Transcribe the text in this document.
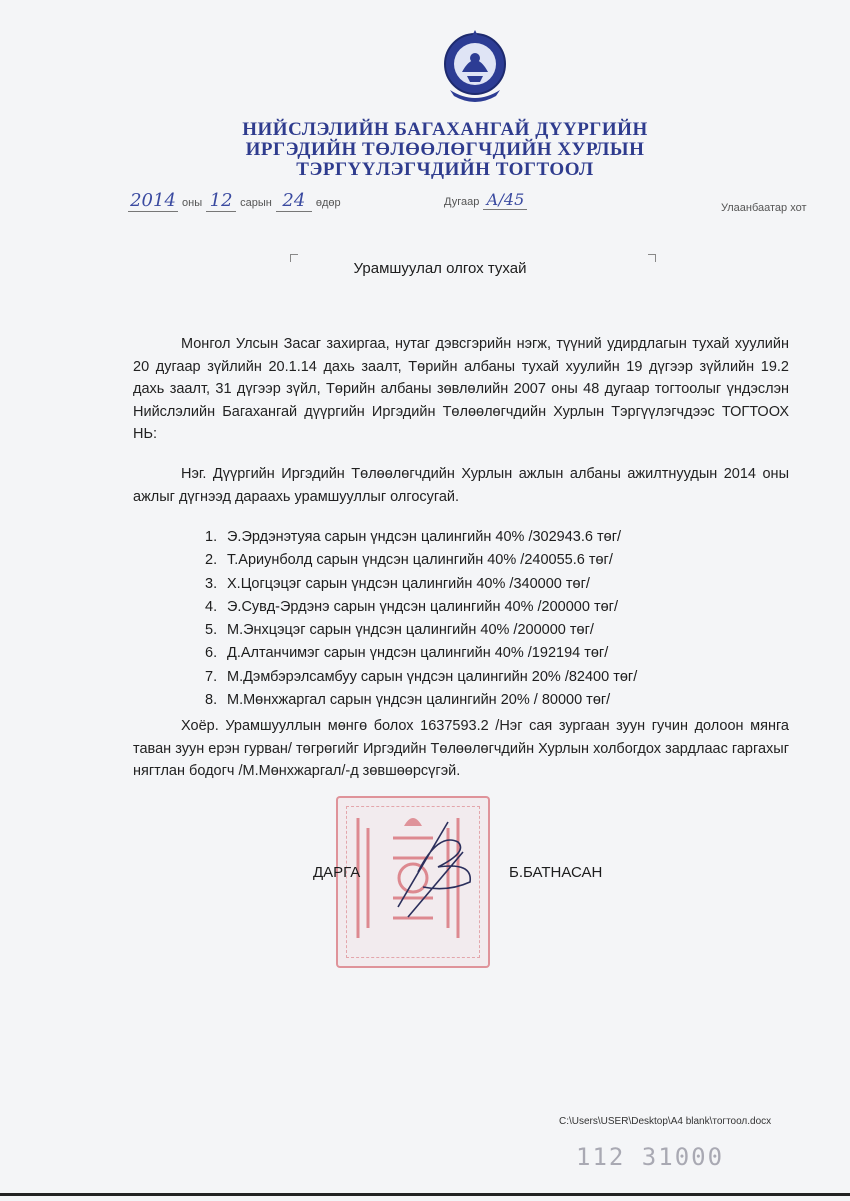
НИЙСЛЭЛИЙН БАГАХАНГАЙ ДҮҮРГИЙН
ИРГЭДИЙН ТӨЛӨӨЛӨГЧДИЙН ХУРЛЫН
ТЭРГҮҮЛЭГЧДИЙН ТОГТООЛ
2014 оны 12 сарын 24 өдөр	Дугаар А/45	Улаанбаатар хот
Урамшуулал олгох тухай
Монгол Улсын Засаг захиргаа, нутаг дэвсгэрийн нэгж, түүний удирдлагын тухай хуулийн 20 дугаар зүйлийн 20.1.14 дахь заалт, Төрийн албаны тухай хуулийн 19 дүгээр зүйлийн 19.2 дахь заалт, 31 дүгээр зүйл, Төрийн албаны зөвлөлийн 2007 оны 48 дугаар тогтоолыг үндэслэн Нийслэлийн Багахангай дүүргийн Иргэдийн Төлөөлөгчдийн Хурлын Тэргүүлэгчдээс ТОГТООХ НЬ:
Нэг. Дүүргийн Иргэдийн Төлөөлөгчдийн Хурлын ажлын албаны ажилтнуудын 2014 оны ажлыг дүгнээд дараахь урамшууллыг олгосугай.
1. Э.Эрдэнэтуяа сарын үндсэн цалингийн 40% /302943.6 төг/
2. Т.Ариунболд сарын үндсэн цалингийн 40% /240055.6 төг/
3. Х.Цогцэцэг сарын үндсэн цалингийн 40% /340000 төг/
4. Э.Сувд-Эрдэнэ сарын үндсэн цалингийн 40% /200000 төг/
5. М.Энхцэцэг сарын үндсэн цалингийн 40% /200000 төг/
6. Д.Алтанчимэг сарын үндсэн цалингийн 40% /192194 төг/
7. М.Дэмбэрэлсамбуу сарын үндсэн цалингийн 20% /82400 төг/
8. М.Мөнхжаргал сарын үндсэн цалингийн 20% / 80000 төг/
Хоёр. Урамшууллын мөнгө болох 1637593.2 /Нэг сая зургаан зуун гучин долоон мянга таван зуун ерэн гурван/ төгрөгийг Иргэдийн Төлөөлөгчдийн Хурлын холбогдох зардлаас гаргахыг нягтлан бодогч /М.Мөнхжаргал/-д зөвшөөрсүгэй.
ДАРГА	Б.БАТНАСАН
C:\Users\USER\Desktop\A4 blank\тогтоол.docx
112 31000
